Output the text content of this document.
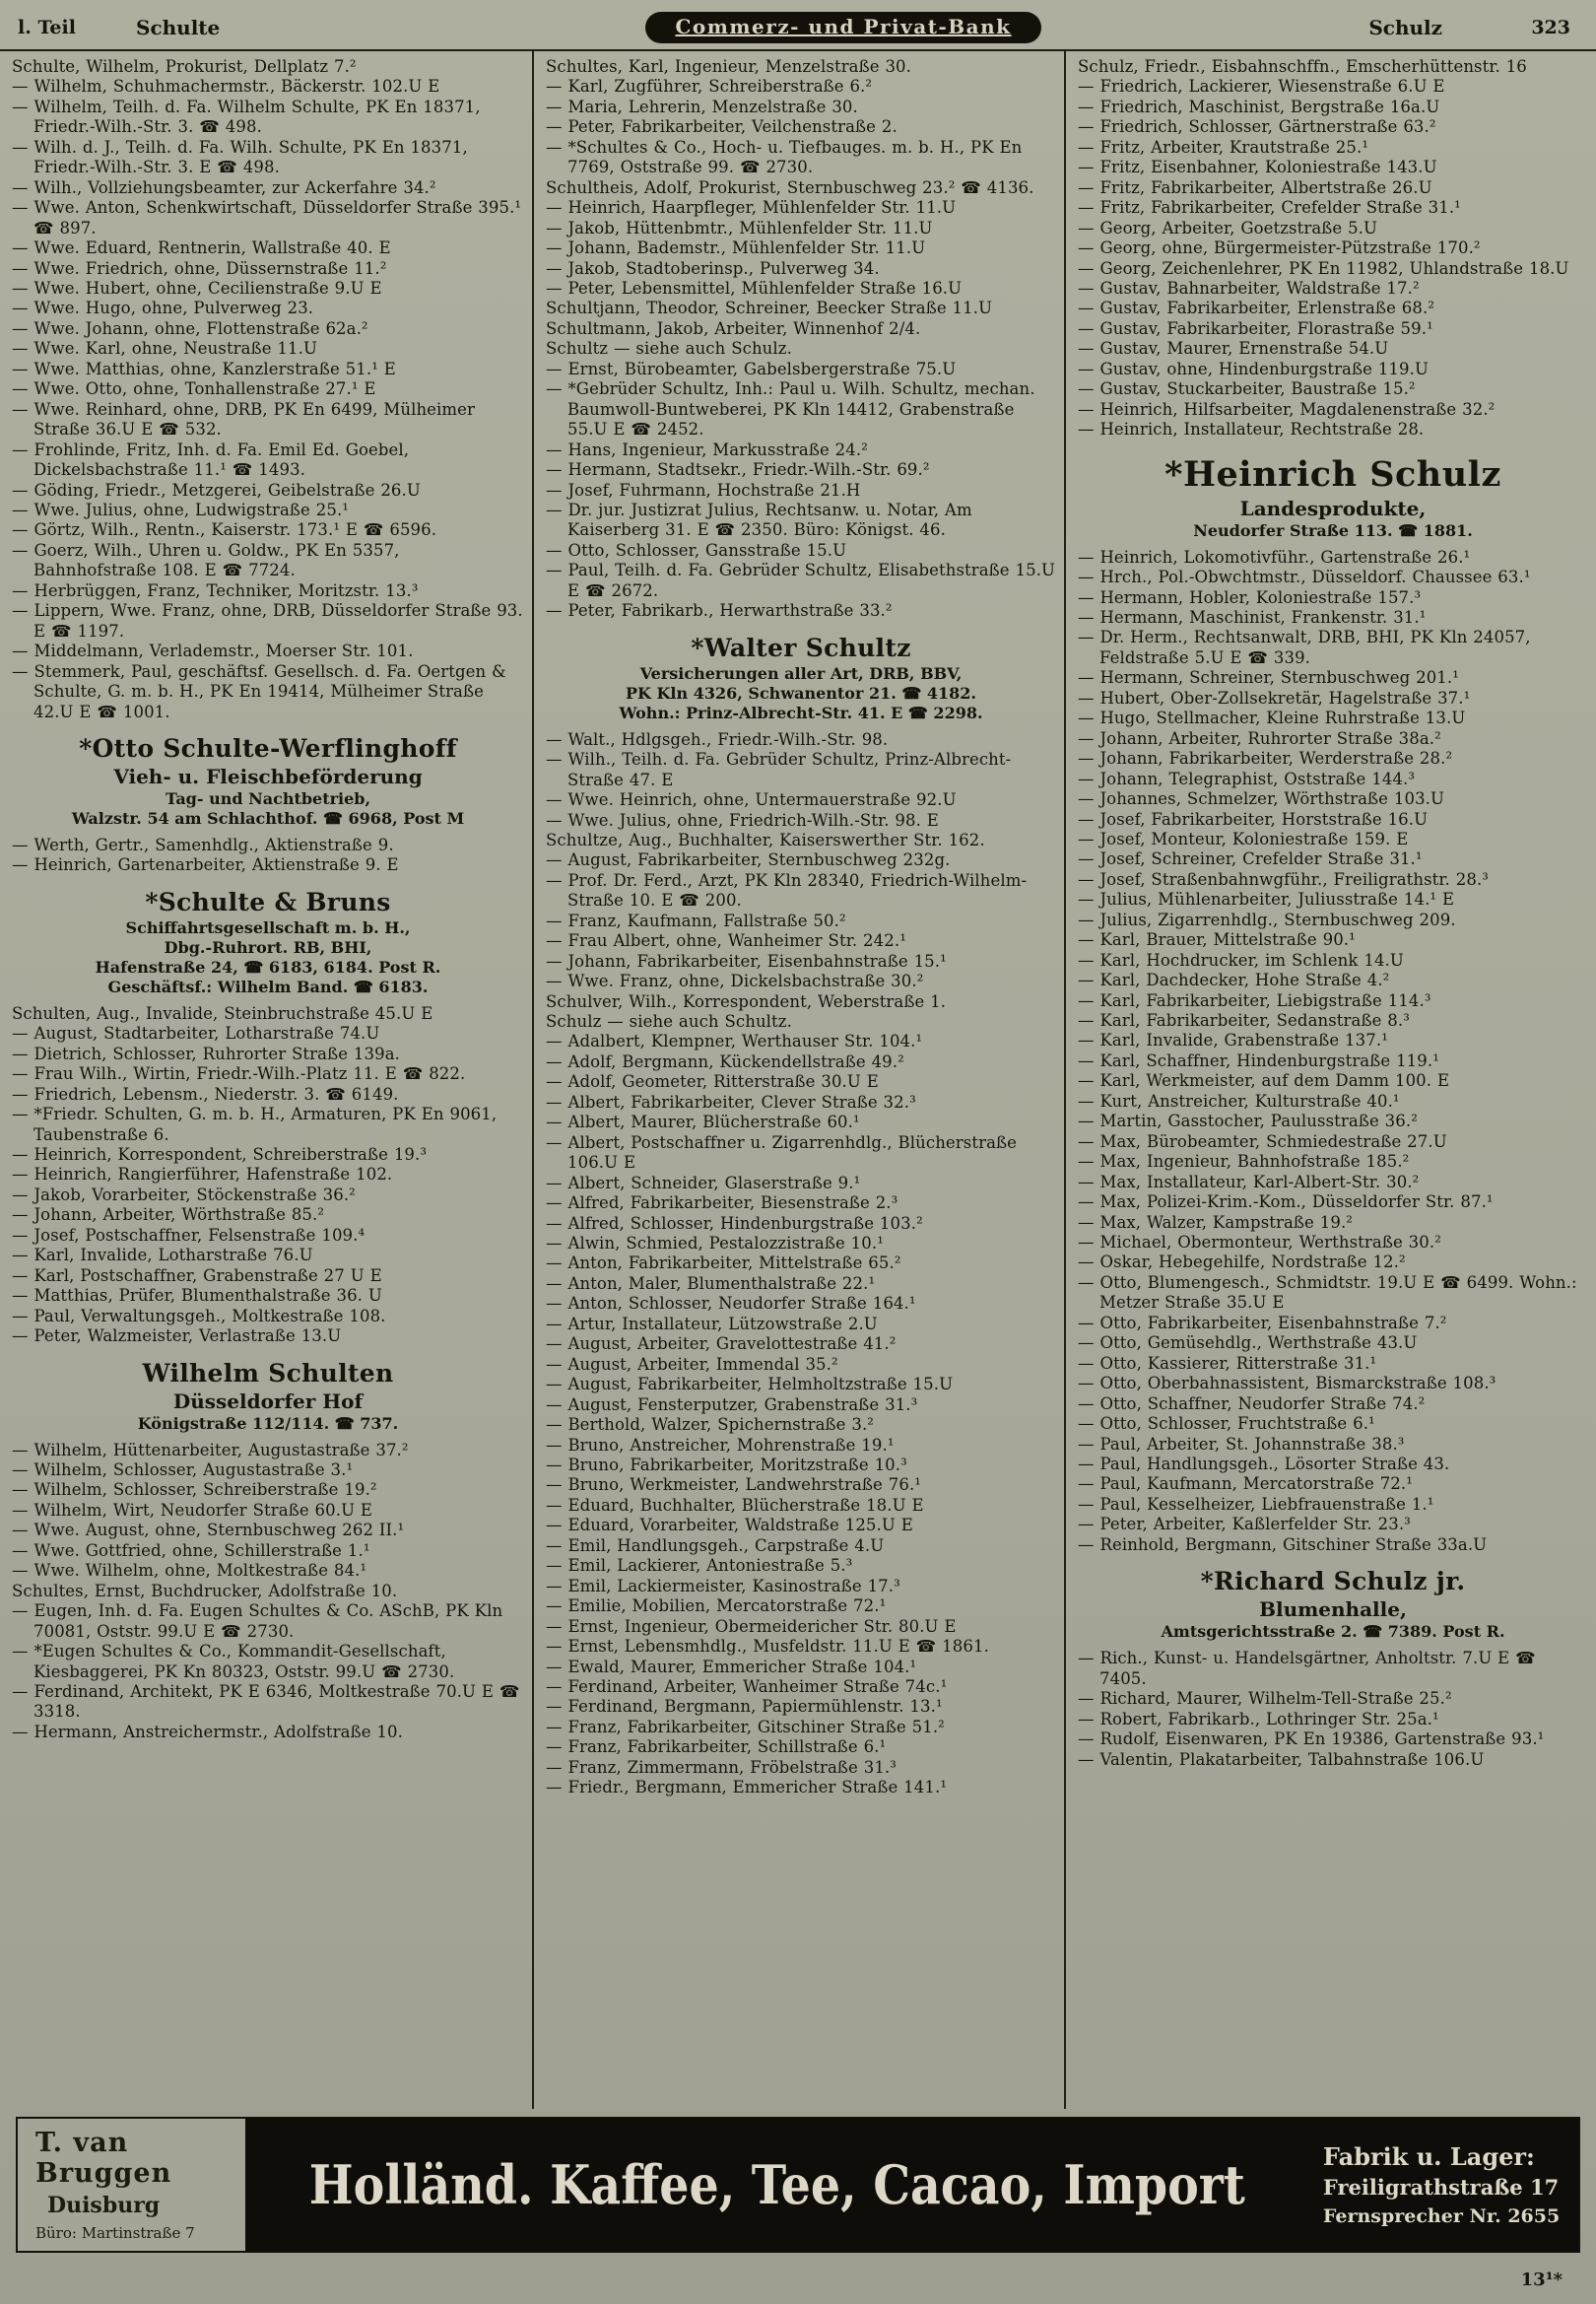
l. Teil	Schulte	Commerz- und Privat-Bank	Schulz	323
Schulte, Wilhelm, Prokurist, Dellplatz 7.²
— Wilhelm, Schuhmachermstr., Bäckerstr. 102.U E
— Wilhelm, Teilh. d. Fa. Wilhelm Schulte, PK En 18371, Friedr.-Wilh.-Str. 3. ☎ 498.
— Wilh. d. J., Teilh. d. Fa. Wilh. Schulte, PK En 18371, Friedr.-Wilh.-Str. 3. E ☎ 498.
— Wilh., Vollziehungsbeamter, zur Ackerfahre 34.²
— Wwe. Anton, Schenkwirtschaft, Düsseldorfer Straße 395.¹ ☎ 897.
— Wwe. Eduard, Rentnerin, Wallstraße 40. E
— Wwe. Friedrich, ohne, Düssernstraße 11.²
— Wwe. Hubert, ohne, Cecilienstraße 9.U E
— Wwe. Hugo, ohne, Pulverweg 23.
— Wwe. Johann, ohne, Flottenstraße 62a.²
— Wwe. Karl, ohne, Neustraße 11.U
— Wwe. Matthias, ohne, Kanzlerstraße 51.¹ E
— Wwe. Otto, ohne, Tonhallenstraße 27.¹ E
— Wwe. Reinhard, ohne, DRB, PK En 6499, Mülheimer Straße 36.U E ☎ 532.
— Frohlinde, Fritz, Inh. d. Fa. Emil Ed. Goebel, Dickelsbachstraße 11.¹ ☎ 1493.
— Göding, Friedr., Metzgerei, Geibelstraße 26.U
— Wwe. Julius, ohne, Ludwigstraße 25.¹
— Görtz, Wilh., Rentn., Kaiserstr. 173.¹ E ☎ 6596.
— Goerz, Wilh., Uhren u. Goldw., PK En 5357, Bahnhofstraße 108. E ☎ 7724.
— Herbrüggen, Franz, Techniker, Moritzstr. 13.³
— Lippern, Wwe. Franz, ohne, DRB, Düsseldorfer Straße 93. E ☎ 1197.
— Middelmann, Verlademstr., Moerser Str. 101.
— Stemmerk, Paul, geschäftsf. Gesellsch. d. Fa. Oertgen & Schulte, G. m. b. H., PK En 19414, Mülheimer Straße 42.U E ☎ 1001.
*Otto Schulte-Werflinghoff
Vieh- u. Fleischbeförderung
Tag- und Nachtbetrieb,
Walzstr. 54 am Schlachthof. ☎ 6968, Post M
— Werth, Gertr., Samenhdlg., Aktienstraße 9.
— Heinrich, Gartenarbeiter, Aktienstraße 9. E
*Schulte & Bruns
Schiffahrtsgesellschaft m. b. H.,
Dbg.-Ruhrort. RB, BHI,
Hafenstraße 24, ☎ 6183, 6184. Post R.
Geschäftsf.: Wilhelm Band. ☎ 6183.
Schulten, Aug., Invalide, Steinbruchstraße 45.U E
— August, Stadtarbeiter, Lotharstraße 74.U
— Dietrich, Schlosser, Ruhrorter Straße 139a.
— Frau Wilh., Wirtin, Friedr.-Wilh.-Platz 11. E ☎ 822.
— Friedrich, Lebensm., Niederstr. 3. ☎ 6149.
— *Friedr. Schulten, G. m. b. H., Armaturen, PK En 9061, Taubenstraße 6.
— Heinrich, Korrespondent, Schreiberstraße 19.³
— Heinrich, Rangierführer, Hafenstraße 102.
— Jakob, Vorarbeiter, Stöckenstraße 36.²
— Johann, Arbeiter, Wörthstraße 85.²
— Josef, Postschaffner, Felsenstraße 109.⁴
— Karl, Invalide, Lotharstraße 76.U
— Karl, Postschaffner, Grabenstraße 27 U E
— Matthias, Prüfer, Blumenthalstraße 36. U
— Paul, Verwaltungsgeh., Moltkestraße 108.
— Peter, Walzmeister, Verlastraße 13.U
Wilhelm Schulten
Düsseldorfer Hof
Königstraße 112/114. ☎ 737.
— Wilhelm, Hüttenarbeiter, Augustastraße 37.²
— Wilhelm, Schlosser, Augustastraße 3.¹
— Wilhelm, Schlosser, Schreiberstraße 19.²
— Wilhelm, Wirt, Neudorfer Straße 60.U E
— Wwe. August, ohne, Sternbuschweg 262 II.¹
— Wwe. Gottfried, ohne, Schillerstraße 1.¹
— Wwe. Wilhelm, ohne, Moltkestraße 84.¹
Schultes, Ernst, Buchdrucker, Adolfstraße 10.
— Eugen, Inh. d. Fa. Eugen Schultes & Co. ASchB, PK Kln 70081, Oststr. 99.U E ☎ 2730.
— *Eugen Schultes & Co., Kommandit-Gesellschaft, Kiesbaggerei, PK Kn 80323, Oststr. 99.U ☎ 2730.
— Ferdinand, Architekt, PK E 6346, Moltkestraße 70.U E ☎ 3318.
— Hermann, Anstreichermstr., Adolfstraße 10.
Schultes, Karl, Ingenieur, Menzelstraße 30.
— Karl, Zugführer, Schreiberstraße 6.²
— Maria, Lehrerin, Menzelstraße 30.
— Peter, Fabrikarbeiter, Veilchenstraße 2.
— *Schultes & Co., Hoch- u. Tiefbauges. m. b. H., PK En 7769, Oststraße 99. ☎ 2730.
Schultheis, Adolf, Prokurist, Sternbuschweg 23.² ☎ 4136.
— Heinrich, Haarpfleger, Mühlenfelder Str. 11.U
— Jakob, Hüttenbmtr., Mühlenfelder Str. 11.U
— Johann, Bademstr., Mühlenfelder Str. 11.U
— Jakob, Stadtoberinsp., Pulverweg 34.
— Peter, Lebensmittel, Mühlenfelder Straße 16.U
Schultjann, Theodor, Schreiner, Beecker Straße 11.U
Schultmann, Jakob, Arbeiter, Winnenhof 2/4.
Schultz — siehe auch Schulz.
— Ernst, Bürobeamter, Gabelsbergerstraße 75.U
— *Gebrüder Schultz, Inh.: Paul u. Wilh. Schultz, mechan. Baumwoll-Buntweberei, PK Kln 14412, Grabenstraße 55.U E ☎ 2452.
— Hans, Ingenieur, Markusstraße 24.²
— Hermann, Stadtsekr., Friedr.-Wilh.-Str. 69.²
— Josef, Fuhrmann, Hochstraße 21.H
— Dr. jur. Justizrat Julius, Rechtsanw. u. Notar, Am Kaiserberg 31. E ☎ 2350. Büro: Königst. 46.
— Otto, Schlosser, Gansstraße 15.U
— Paul, Teilh. d. Fa. Gebrüder Schultz, Elisabethstraße 15.U E ☎ 2672.
— Peter, Fabrikarb., Herwarthstraße 33.²
*Walter Schultz
Versicherungen aller Art, DRB, BBV,
PK Kln 4326, Schwanentor 21. ☎ 4182.
Wohn.: Prinz-Albrecht-Str. 41. E ☎ 2298.
— Walt., Hdlgsgeh., Friedr.-Wilh.-Str. 98.
— Wilh., Teilh. d. Fa. Gebrüder Schultz, Prinz-Albrecht-Straße 47. E
— Wwe. Heinrich, ohne, Untermauerstraße 92.U
— Wwe. Julius, ohne, Friedrich-Wilh.-Str. 98. E
Schultze, Aug., Buchhalter, Kaiserswerther Str. 162.
— August, Fabrikarbeiter, Sternbuschweg 232g.
— Prof. Dr. Ferd., Arzt, PK Kln 28340, Friedrich-Wilhelm-Straße 10. E ☎ 200.
— Franz, Kaufmann, Fallstraße 50.²
— Frau Albert, ohne, Wanheimer Str. 242.¹
— Johann, Fabrikarbeiter, Eisenbahnstraße 15.¹
— Wwe. Franz, ohne, Dickelsbachstraße 30.²
Schulver, Wilh., Korrespondent, Weberstraße 1.
Schulz — siehe auch Schultz.
— Adalbert, Klempner, Werthauser Str. 104.¹
— Adolf, Bergmann, Kückendellstraße 49.²
— Adolf, Geometer, Ritterstraße 30.U E
— Albert, Fabrikarbeiter, Clever Straße 32.³
— Albert, Maurer, Blücherstraße 60.¹
— Albert, Postschaffner u. Zigarrenhdlg., Blücherstraße 106.U E
— Albert, Schneider, Glaserstraße 9.¹
— Alfred, Fabrikarbeiter, Biesenstraße 2.³
— Alfred, Schlosser, Hindenburgstraße 103.²
— Alwin, Schmied, Pestalozzistraße 10.¹
— Anton, Fabrikarbeiter, Mittelstraße 65.²
— Anton, Maler, Blumenthalstraße 22.¹
— Anton, Schlosser, Neudorfer Straße 164.¹
— Artur, Installateur, Lützowstraße 2.U
— August, Arbeiter, Gravelottestraße 41.²
— August, Arbeiter, Immendal 35.²
— August, Fabrikarbeiter, Helmholtzstraße 15.U
— August, Fensterputzer, Grabenstraße 31.³
— Berthold, Walzer, Spichernstraße 3.²
— Bruno, Anstreicher, Mohrenstraße 19.¹
— Bruno, Fabrikarbeiter, Moritzstraße 10.³
— Bruno, Werkmeister, Landwehrstraße 76.¹
— Eduard, Buchhalter, Blücherstraße 18.U E
— Eduard, Vorarbeiter, Waldstraße 125.U E
— Emil, Handlungsgeh., Carpstraße 4.U
— Emil, Lackierer, Antoniestraße 5.³
— Emil, Lackiermeister, Kasinostraße 17.³
— Emilie, Mobilien, Mercatorstraße 72.¹
— Ernst, Ingenieur, Obermeidericher Str. 80.U E
— Ernst, Lebensmhdlg., Musfeldstr. 11.U E ☎ 1861.
— Ewald, Maurer, Emmericher Straße 104.¹
— Ferdinand, Arbeiter, Wanheimer Straße 74c.¹
— Ferdinand, Bergmann, Papiermühlenstr. 13.¹
— Franz, Fabrikarbeiter, Gitschiner Straße 51.²
— Franz, Fabrikarbeiter, Schillstraße 6.¹
— Franz, Zimmermann, Fröbelstraße 31.³
— Friedr., Bergmann, Emmericher Straße 141.¹
Schulz, Friedr., Eisbahnschffn., Emscherhüttenstr. 16
— Friedrich, Lackierer, Wiesenstraße 6.U E
— Friedrich, Maschinist, Bergstraße 16a.U
— Friedrich, Schlosser, Gärtnerstraße 63.²
— Fritz, Arbeiter, Krautstraße 25.¹
— Fritz, Eisenbahner, Koloniestraße 143.U
— Fritz, Fabrikarbeiter, Albertstraße 26.U
— Fritz, Fabrikarbeiter, Crefelder Straße 31.¹
— Georg, Arbeiter, Goetzstraße 5.U
— Georg, ohne, Bürgermeister-Pützstraße 170.²
— Georg, Zeichenlehrer, PK En 11982, Uhlandstraße 18.U
— Gustav, Bahnarbeiter, Waldstraße 17.²
— Gustav, Fabrikarbeiter, Erlenstraße 68.²
— Gustav, Fabrikarbeiter, Florastraße 59.¹
— Gustav, Maurer, Ernenstraße 54.U
— Gustav, ohne, Hindenburgstraße 119.U
— Gustav, Stuckarbeiter, Baustraße 15.²
— Heinrich, Hilfsarbeiter, Magdalenenstraße 32.²
— Heinrich, Installateur, Rechtstraße 28.
*Heinrich Schulz
Landesprodukte,
Neudorfer Straße 113. ☎ 1881.
— Heinrich, Lokomotivführ., Gartenstraße 26.¹
— Hrch., Pol.-Obwchtmstr., Düsseldorf. Chaussee 63.¹
— Hermann, Hobler, Koloniestraße 157.³
— Hermann, Maschinist, Frankenstr. 31.¹
— Dr. Herm., Rechtsanwalt, DRB, BHI, PK Kln 24057, Feldstraße 5.U E ☎ 339.
— Hermann, Schreiner, Sternbuschweg 201.¹
— Hubert, Ober-Zollsekretär, Hagelstraße 37.¹
— Hugo, Stellmacher, Kleine Ruhrstraße 13.U
— Johann, Arbeiter, Ruhrorter Straße 38a.²
— Johann, Fabrikarbeiter, Werderstraße 28.²
— Johann, Telegraphist, Oststraße 144.³
— Johannes, Schmelzer, Wörthstraße 103.U
— Josef, Fabrikarbeiter, Horststraße 16.U
— Josef, Monteur, Koloniestraße 159. E
— Josef, Schreiner, Crefelder Straße 31.¹
— Josef, Straßenbahnwgführ., Freiligrathstr. 28.³
— Julius, Mühlenarbeiter, Juliusstraße 14.¹ E
— Julius, Zigarrenhdlg., Sternbuschweg 209.
— Karl, Brauer, Mittelstraße 90.¹
— Karl, Hochdrucker, im Schlenk 14.U
— Karl, Dachdecker, Hohe Straße 4.²
— Karl, Fabrikarbeiter, Liebigstraße 114.³
— Karl, Fabrikarbeiter, Sedanstraße 8.³
— Karl, Invalide, Grabenstraße 137.¹
— Karl, Schaffner, Hindenburgstraße 119.¹
— Karl, Werkmeister, auf dem Damm 100. E
— Kurt, Anstreicher, Kulturstraße 40.¹
— Martin, Gasstocher, Paulusstraße 36.²
— Max, Bürobeamter, Schmiedestraße 27.U
— Max, Ingenieur, Bahnhofstraße 185.²
— Max, Installateur, Karl-Albert-Str. 30.²
— Max, Polizei-Krim.-Kom., Düsseldorfer Str. 87.¹
— Max, Walzer, Kampstraße 19.²
— Michael, Obermonteur, Werthstraße 30.²
— Oskar, Hebegehilfe, Nordstraße 12.²
— Otto, Blumengesch., Schmidtstr. 19.U E ☎ 6499. Wohn.: Metzer Straße 35.U E
— Otto, Fabrikarbeiter, Eisenbahnstraße 7.²
— Otto, Gemüsehdlg., Werthstraße 43.U
— Otto, Kassierer, Ritterstraße 31.¹
— Otto, Oberbahnassistent, Bismarckstraße 108.³
— Otto, Schaffner, Neudorfer Straße 74.²
— Otto, Schlosser, Fruchtstraße 6.¹
— Paul, Arbeiter, St. Johannstraße 38.³
— Paul, Handlungsgeh., Lösorter Straße 43.
— Paul, Kaufmann, Mercatorstraße 72.¹
— Paul, Kesselheizer, Liebfrauenstraße 1.¹
— Peter, Arbeiter, Kaßlerfelder Str. 23.³
— Reinhold, Bergmann, Gitschiner Straße 33a.U
*Richard Schulz jr.
Blumenhalle,
Amtsgerichtsstraße 2. ☎ 7389. Post R.
— Rich., Kunst- u. Handelsgärtner, Anholtstr. 7.U E ☎ 7405.
— Richard, Maurer, Wilhelm-Tell-Straße 25.²
— Robert, Fabrikarb., Lothringer Str. 25a.¹
— Rudolf, Eisenwaren, PK En 19386, Gartenstraße 93.¹
— Valentin, Plakatarbeiter, Talbahnstraße 106.U
T. van Bruggen
Duisburg
Büro: Martinstraße 7
Holländ. Kaffee, Tee, Cacao, Import	Fabrik u. Lager:
Freiligrathstraße 17
Fernsprecher Nr. 2655
13¹*
